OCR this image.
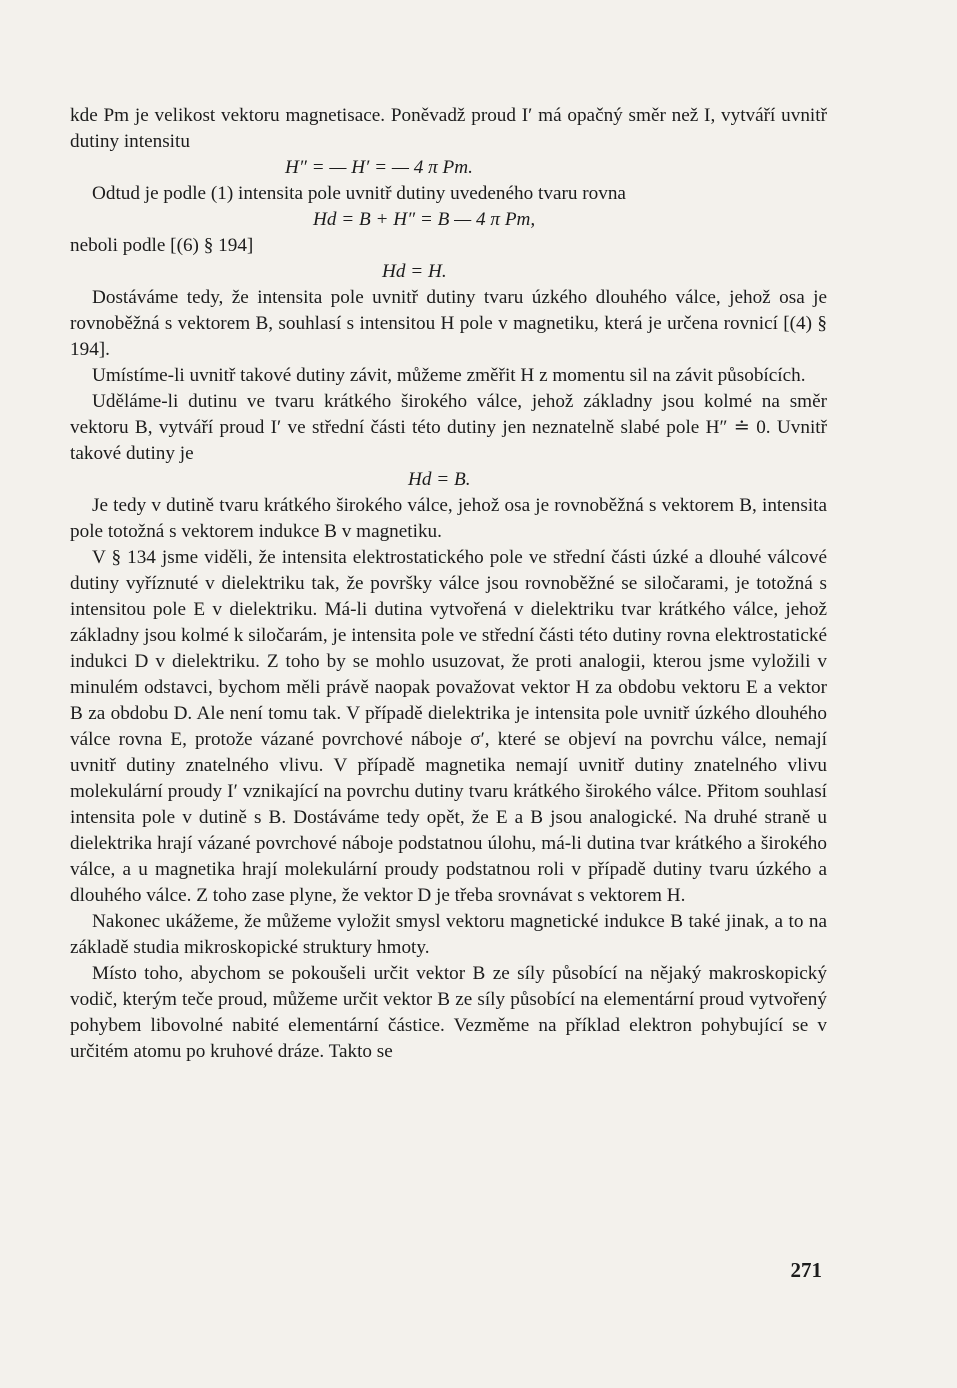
kde Pm je velikost vektoru magnetisace. Poněvadž proud I′ má opačný směr než I, vytváří uvnitř dutiny intensitu

H″ = — H′ = — 4 π Pm.

Odtud je podle (1) intensita pole uvnitř dutiny uvedeného tvaru rovna

Hd = B + H″ = B — 4 π Pm,

nebolі podle [(6) § 194]

Hd = H.

Dostáváme tedy, že intensita pole uvnitř dutiny tvaru úzkého dlouhého válce, jehož osa je rovnoběžná s vektorem B, souhlasí s intensitou H pole v magnetiku, která je určena rovnicí [(4) § 194].

Umístíme-li uvnitř takové dutiny závit, můžeme změřit H z momentu sil na závit působících.

Uděláme-li dutinu ve tvaru krátkého širokého válce, jehož základny jsou kolmé na směr vektoru B, vytváří proud I′ ve střední části této dutiny jen neznatelně slabé pole H″ ≐ 0. Uvnitř takové dutiny je

Hd = B.

Je tedy v dutině tvaru krátkého širokého válce, jehož osa je rovnoběžná s vektorem B, intensita pole totožná s vektorem indukce B v magnetiku.

V § 134 jsme viděli, že intensita elektrostatického pole ve střední části úzké a dlouhé válcové dutiny vyříznuté v dielektriku tak, že površky válce jsou rovnoběžné se siločarami, je totožná s intensitou pole E v dielektriku. Má-li dutina vytvořená v dielektriku tvar krátkého válce, jehož základny jsou kolmé k siločarám, je intensita pole ve střední části této dutiny rovna elektrostatické indukci D v dielektriku. Z toho by se mohlo usuzovat, že proti analogii, kterou jsme vyložili v minulém odstavci, bychom měli právě naopak považovat vektor H za obdobu vektoru E a vektor B za obdobu D. Ale není tomu tak. V případě dielektrika je intensita pole uvnitř úzkého dlouhého válce rovna E, protože vázané povrchové náboje σ′, které se objeví na povrchu válce, nemají uvnitř dutiny znatelného vlivu. V případě magnetika nemají uvnitř dutiny znatelného vlivu molekulární proudy I′ vznikající na povrchu dutiny tvaru krátkého širokého válce. Přitom souhlasí intensita pole v dutině s B. Dostáváme tedy opět, že E a B jsou analogické. Na druhé straně u dielektrika hrají vázané povrchové náboje podstatnou úlohu, má-li dutina tvar krátkého a širokého válce, a u magnetika hrají molekulární proudy podstatnou roli v případě dutiny tvaru úzkého a dlouhého válce. Z toho zase plyne, že vektor D je třeba srovnávat s vektorem H.

Nakonec ukážeme, že můžeme vyložit smysl vektoru magnetické indukce B také jinak, a to na základě studia mikroskopické struktury hmoty.

Místo toho, abychom se pokoušeli určit vektor B ze síly působící na nějaký makroskopický vodič, kterým teče proud, můžeme určit vektor B ze síly působící na elementární proud vytvořený pohybem libovolné nabité elementární částice. Vezměme na příklad elektron pohybující se v určitém atomu po kruhové dráze. Takto se

271
